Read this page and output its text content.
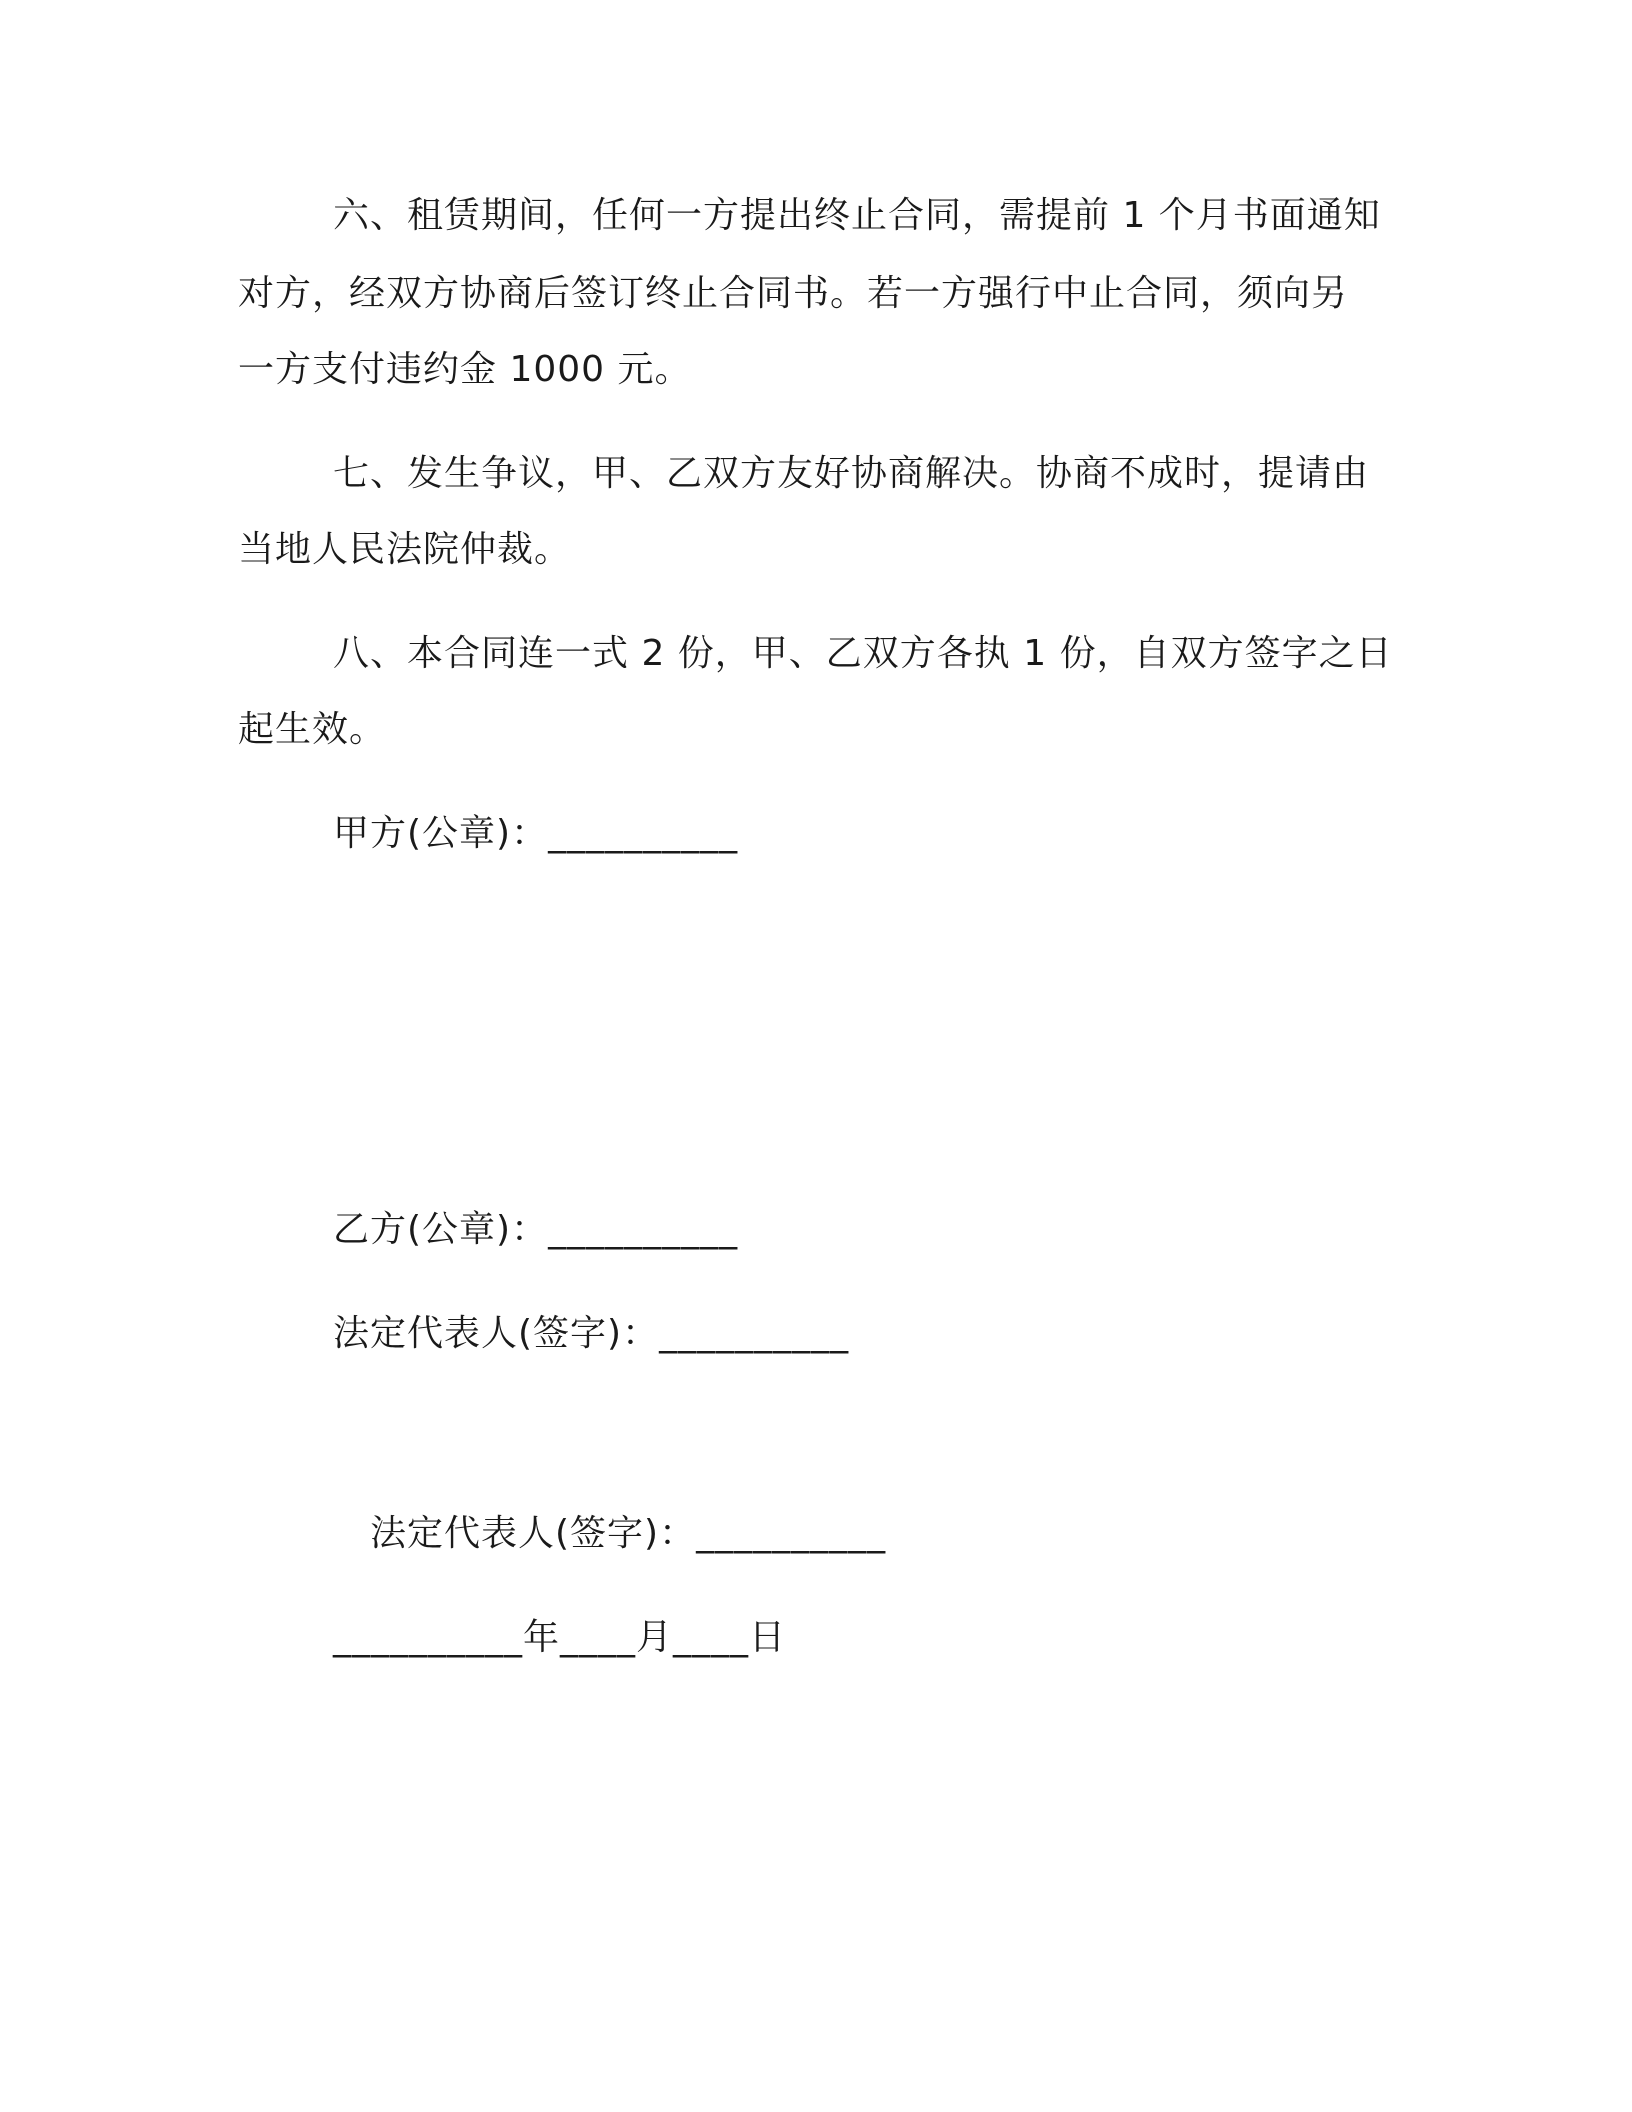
六、租赁期间，任何一方提出终止合同，需提前 1 个月书面通知
对方，经双方协商后签订终止合同书。若一方强行中止合同，须向另
一方支付违约金 1000 元。
七、发生争议，甲、乙双方友好协商解决。协商不成时，提请由
当地人民法院仲裁。
八、本合同连一式 2 份，甲、乙双方各执 1 份，自双方签字之日
起生效。
甲方(公章)：__________
乙方(公章)：__________
法定代表人(签字)：__________
法定代表人(签字)：__________
__________年____月____日
